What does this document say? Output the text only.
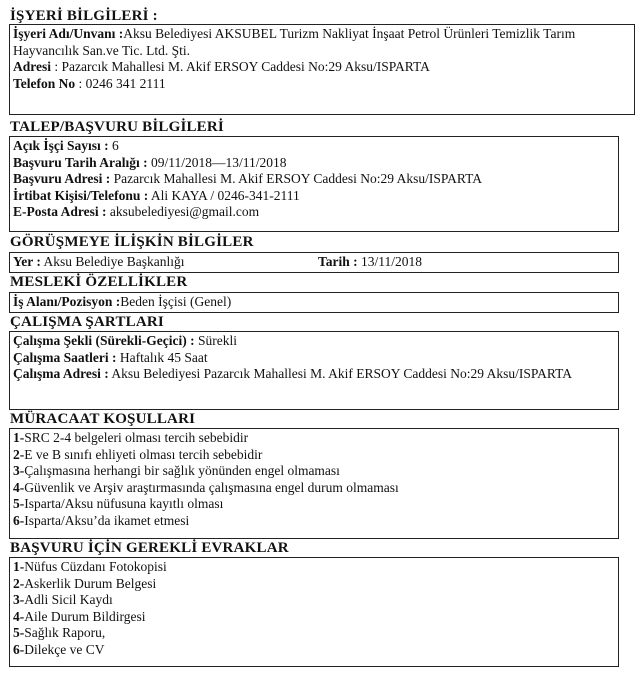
İŞYERİ BİLGİLERİ :
İşyeri Adı/Unvanı :Aksu Belediyesi AKSUBEL Turizm Nakliyat İnşaat Petrol Ürünleri Temizlik Tarım Hayvancılık San.ve Tic. Ltd. Şti.
Adresi : Pazarcık Mahallesi M. Akif ERSOY Caddesi No:29 Aksu/ISPARTA
Telefon No : 0246 341 2111
TALEP/BAŞVURU BİLGİLERİ
Açık İşçi Sayısı : 6
Başvuru Tarih Aralığı : 09/11/2018—13/11/2018
Başvuru Adresi : Pazarcık Mahallesi M. Akif ERSOY Caddesi No:29 Aksu/ISPARTA
İrtibat Kişisi/Telefonu : Ali KAYA / 0246-341-2111
E-Posta Adresi : aksubelediyesi@gmail.com
GÖRÜŞMEYE İLİŞKİN BİLGİLER
Yer : Aksu Belediye Başkanlığı	Tarih : 13/11/2018
MESLEKİ ÖZELLİKLER
İş Alanı/Pozisyon :Beden İşçisi (Genel)
ÇALIŞMA ŞARTLARI
Çalışma Şekli (Sürekli-Geçici) : Sürekli
Çalışma Saatleri : Haftalık 45 Saat
Çalışma Adresi : Aksu Belediyesi Pazarcık Mahallesi M. Akif ERSOY Caddesi No:29 Aksu/ISPARTA
MÜRACAAT KOŞULLARI
1-SRC 2-4 belgeleri olması tercih sebebidir
2-E ve B sınıfı ehliyeti olması tercih sebebidir
3-Çalışmasına herhangi bir sağlık yönünden engel olmaması
4-Güvenlik ve Arşiv araştırmasında çalışmasına engel durum olmaması
5-Isparta/Aksu nüfusuna kayıtlı olması
6-Isparta/Aksu’da ikamet etmesi
BAŞVURU İÇİN GEREKLİ EVRAKLAR
1-Nüfus Cüzdanı Fotokopisi
2-Askerlik Durum Belgesi
3-Adli Sicil Kaydı
4-Aile Durum Bildirgesi
5-Sağlık Raporu,
6-Dilekçe ve CV
